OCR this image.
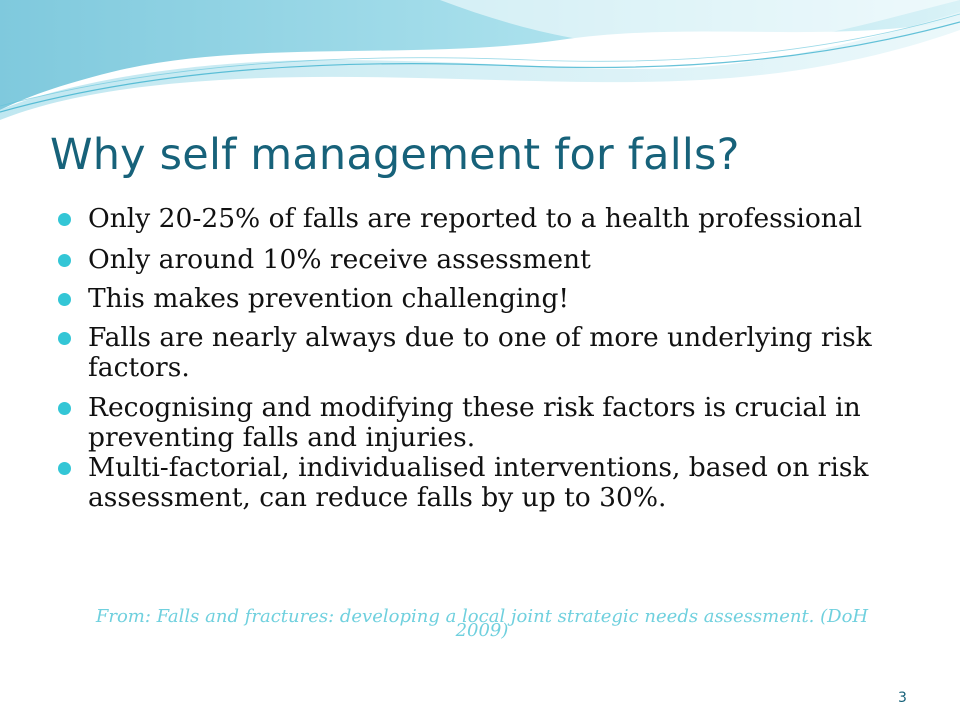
Why self management for falls?
Only 20-25% of falls are reported to a health professional
Only around 10% receive assessment
This makes prevention challenging!
Falls are nearly always due to one of more underlying risk factors.
Recognising and modifying these risk factors is crucial in preventing falls and injuries.
Multi-factorial, individualised interventions, based on risk assessment, can reduce falls by up to 30%.
From: Falls and fractures: developing a local joint strategic needs assessment. (DoH 2009)
3
